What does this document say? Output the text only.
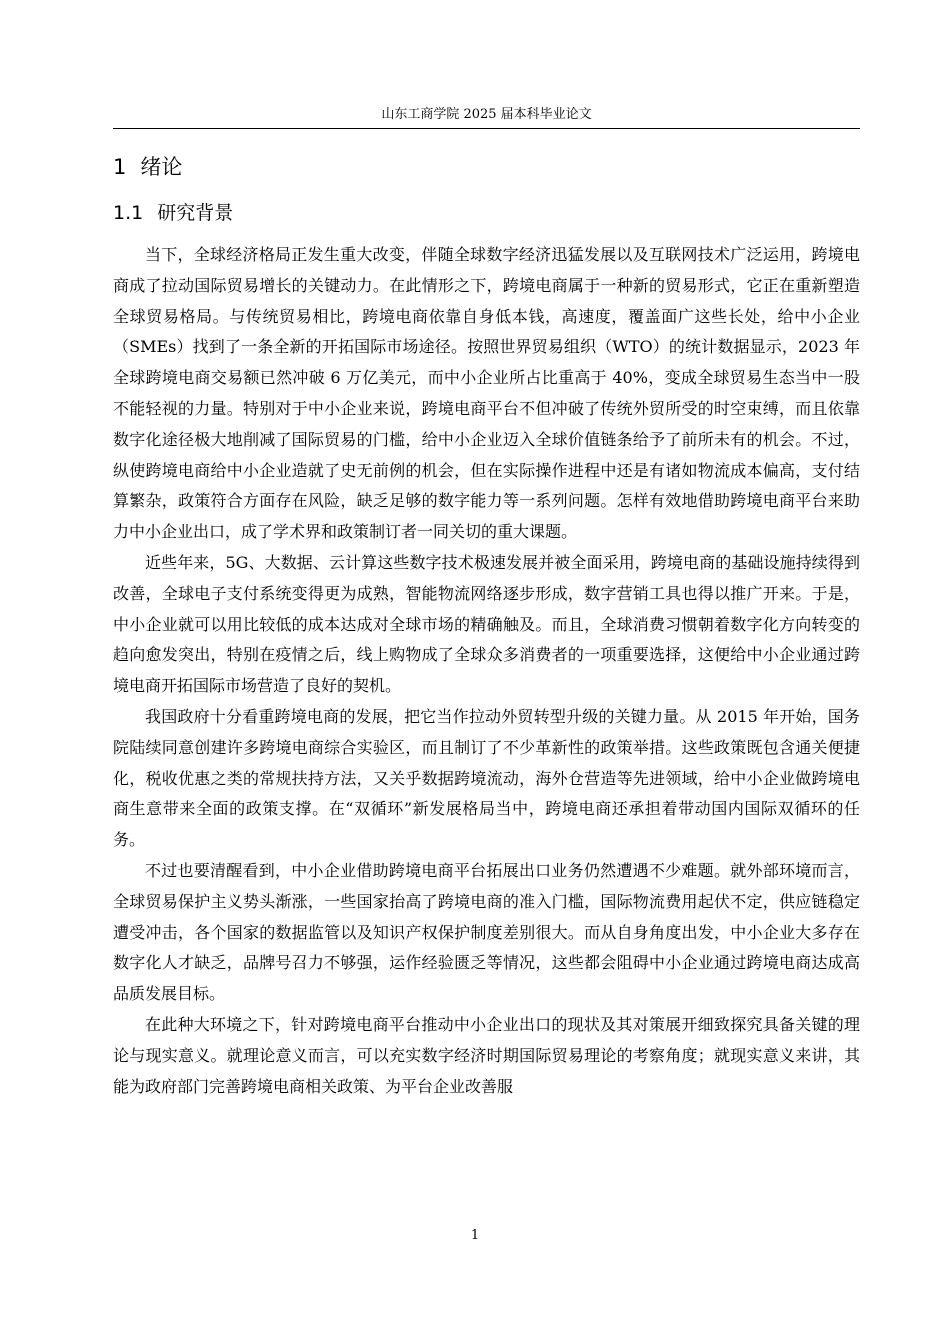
山东工商学院 2025 届本科毕业论文
1 绪论
1.1 研究背景

当下，全球经济格局正发生重大改变，伴随全球数字经济迅猛发展以及互联网技术广泛运用，跨境电商成了拉动国际贸易增长的关键动力。在此情形之下，跨境电商属于一种新的贸易形式，它正在重新塑造全球贸易格局。与传统贸易相比，跨境电商依靠自身低本钱，高速度，覆盖面广这些长处，给中小企业（SMEs）找到了一条全新的开拓国际市场途径。按照世界贸易组织（WTO）的统计数据显示，2023 年全球跨境电商交易额已然冲破 6 万亿美元，而中小企业所占比重高于 40%，变成全球贸易生态当中一股不能轻视的力量。特别对于中小企业来说，跨境电商平台不但冲破了传统外贸所受的时空束缚，而且依靠数字化途径极大地削减了国际贸易的门槛，给中小企业迈入全球价值链条给予了前所未有的机会。不过，纵使跨境电商给中小企业造就了史无前例的机会，但在实际操作进程中还是有诸如物流成本偏高，支付结算繁杂，政策符合方面存在风险，缺乏足够的数字能力等一系列问题。怎样有效地借助跨境电商平台来助力中小企业出口，成了学术界和政策制订者一同关切的重大课题。

近些年来，5G、大数据、云计算这些数字技术极速发展并被全面采用，跨境电商的基础设施持续得到改善，全球电子支付系统变得更为成熟，智能物流网络逐步形成，数字营销工具也得以推广开来。于是，中小企业就可以用比较低的成本达成对全球市场的精确触及。而且，全球消费习惯朝着数字化方向转变的趋向愈发突出，特别在疫情之后，线上购物成了全球众多消费者的一项重要选择，这便给中小企业通过跨境电商开拓国际市场营造了良好的契机。

我国政府十分看重跨境电商的发展，把它当作拉动外贸转型升级的关键力量。从 2015 年开始，国务院陆续同意创建许多跨境电商综合实验区，而且制订了不少革新性的政策举措。这些政策既包含通关便捷化，税收优惠之类的常规扶持方法，又关乎数据跨境流动，海外仓营造等先进领域，给中小企业做跨境电商生意带来全面的政策支撑。在“双循环”新发展格局当中，跨境电商还承担着带动国内国际双循环的任务。

不过也要清醒看到，中小企业借助跨境电商平台拓展出口业务仍然遭遇不少难题。就外部环境而言，全球贸易保护主义势头渐涨，一些国家抬高了跨境电商的准入门槛，国际物流费用起伏不定，供应链稳定遭受冲击，各个国家的数据监管以及知识产权保护制度差别很大。而从自身角度出发，中小企业大多存在数字化人才缺乏，品牌号召力不够强，运作经验匮乏等情况，这些都会阻碍中小企业通过跨境电商达成高品质发展目标。

在此种大环境之下，针对跨境电商平台推动中小企业出口的现状及其对策展开细致探究具备关键的理论与现实意义。就理论意义而言，可以充实数字经济时期国际贸易理论的考察角度；就现实意义来讲，其能为政府部门完善跨境电商相关政策、为平台企业改善服

1
